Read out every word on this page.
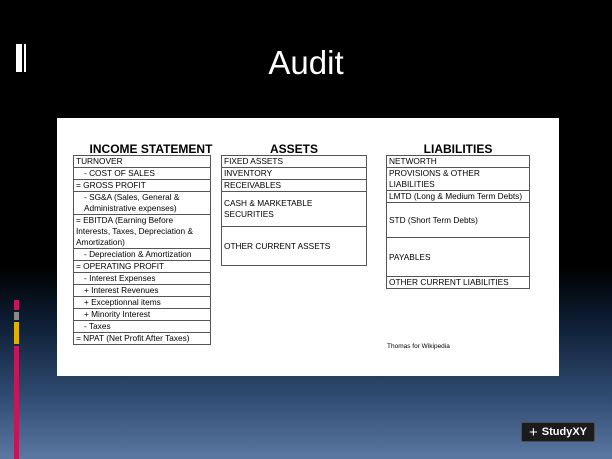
Audit
INCOME STATEMENT
TURNOVER
- COST OF SALES
= GROSS PROFIT
- SG&A (Sales, General & Administrative expenses)
= EBITDA (Earning Before Interests, Taxes, Depreciation & Amortization)
- Depreciation & Amortization
= OPERATING PROFIT
- Interest Expenses
+ Interest Revenues
+ Exceptionnal items
+ Minority Interest
- Taxes
= NPAT (Net Profit After Taxes)
ASSETS
FIXED ASSETS
INVENTORY
RECEIVABLES
CASH & MARKETABLE SECURITIES
OTHER CURRENT ASSETS
LIABILITIES
NETWORTH
PROVISIONS & OTHER LIABILITIES
LMTD (Long & Medium Term Debts)
STD (Short Term Debts)
PAYABLES
OTHER CURRENT LIABILITIES
Thomas for Wikipedia
+ StudyXY
